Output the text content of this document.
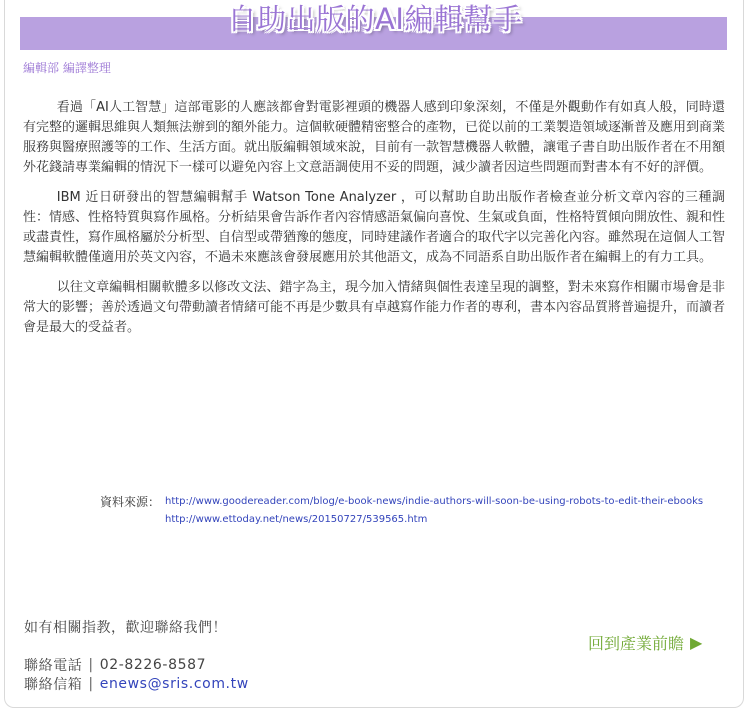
自助出版的AI編輯幫手
編輯部 編譯整理

看過「AI人工智慧」這部電影的人應該都會對電影裡頭的機器人感到印象深刻，不僅是外觀動作有如真人般，同時還有完整的邏輯思維與人類無法辦到的額外能力。這個軟硬體精密整合的產物，已從以前的工業製造領域逐漸普及應用到商業服務與醫療照護等的工作、生活方面。就出版編輯領域來說，目前有一款智慧機器人軟體，讓電子書自助出版作者在不用額外花錢請專業編輯的情況下一樣可以避免內容上文意語調使用不妥的問題，減少讀者因這些問題而對書本有不好的評價。

IBM 近日研發出的智慧編輯幫手 Watson Tone Analyzer ，可以幫助自助出版作者檢查並分析文章內容的三種調性：情感、性格特質與寫作風格。分析結果會告訴作者內容情感語氣偏向喜悅、生氣或負面，性格特質傾向開放性、親和性或盡責性，寫作風格屬於分析型、自信型或帶猶豫的態度，同時建議作者適合的取代字以完善化內容。雖然現在這個人工智慧編輯軟體僅適用於英文內容，不過未來應該會發展應用於其他語文，成為不同語系自助出版作者在編輯上的有力工具。

以往文章編輯相關軟體多以修改文法、錯字為主，現今加入情緒與個性表達呈現的調整，對未來寫作相關市場會是非常大的影響；善於透過文句帶動讀者情緒可能不再是少數具有卓越寫作能力作者的專利，書本內容品質將普遍提升，而讀者會是最大的受益者。

資料來源： http://www.goodereader.com/blog/e-book-news/indie-authors-will-soon-be-using-robots-to-edit-their-ebooks
http://www.ettoday.net/news/20150727/539565.htm
如有相關指教，歡迎聯絡我們！
回到產業前瞻 ▶
聯絡電話 | 02-8226-8587
聯絡信箱 | enews@sris.com.tw
